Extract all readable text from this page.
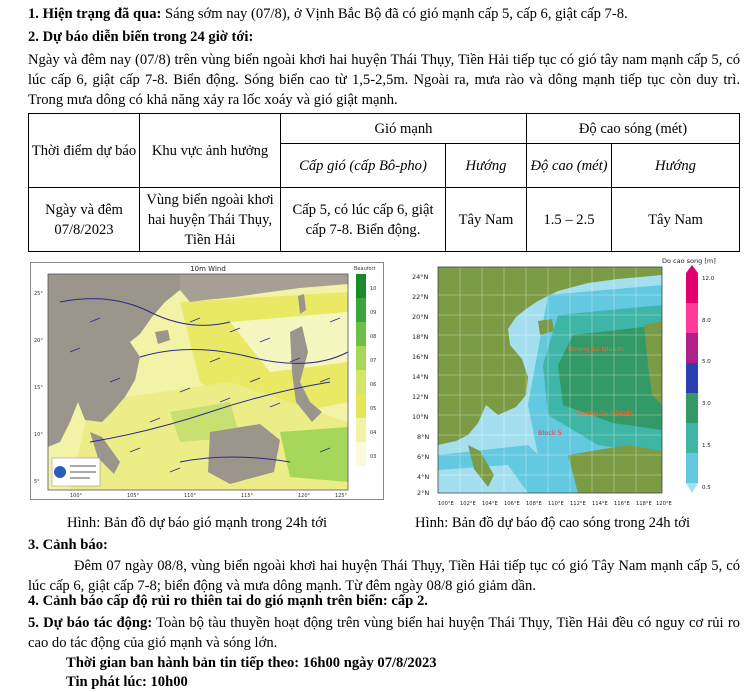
1. Hiện trạng đã qua: Sáng sớm nay (07/8), ở Vịnh Bắc Bộ đã có gió mạnh cấp 5, cấp 6, giật cấp 7-8.
2. Dự báo diễn biến trong 24 giờ tới:
Ngày và đêm nay (07/8) trên vùng biển ngoài khơi hai huyện Thái Thụy, Tiền Hải tiếp tục có gió tây nam mạnh cấp 5, có lúc cấp 6, giật cấp 7-8. Biển động. Sóng biển cao từ 1,5-2,5m. Ngoài ra, mưa rào và dông mạnh tiếp tục còn duy trì. Trong mưa dông có khả năng xảy ra lốc xoáy và gió giật mạnh.
Thời điểm dự báo	Khu vực ảnh hưởng	Gió mạnh		Độ cao sóng (mét)	
		Cấp gió (cấp Bô-pho)	Hướng	Độ cao (mét)	Hướng
Ngày và đêm 07/8/2023	Vùng biển ngoài khơi hai huyện Thái Thụy, Tiền Hải	Cấp 5, có lúc cấp 6, giật cấp 7-8. Biển động.	Tây Nam	1.5 – 2.5	Tây Nam
10m Wind
25°
20°
15°
10°
5°
100°	105°	110°	115°	120°	125°
Beaufort
10
09
08
07
06
05
04
03
Hoang Sa Islands
Truong Sa Islands
Block 5
24°N
22°N
20°N
18°N
16°N
14°N
12°N
10°N
8°N
6°N
4°N
2°N
100°E 102°E 104°E 106°E 108°E 110°E 112°E 114°E 116°E 118°E 120°E
Do cao song [m]
12.0
8.0
5.0
3.0
1.5
0.5
Hình: Bản đồ dự báo gió mạnh trong 24h tới	Hình: Bản đồ dự báo độ cao sóng trong 24h tới
3. Cảnh báo:
Đêm 07 ngày 08/8, vùng biển ngoài khơi hai huyện Thái Thụy, Tiền Hải tiếp tục có gió Tây Nam mạnh cấp 5, có lúc cấp 6, giật cấp 7-8; biển động và mưa dông mạnh. Từ đêm ngày 08/8 gió giảm dần.
4. Cảnh báo cấp độ rủi ro thiên tai do gió mạnh trên biển: cấp 2.
5. Dự báo tác động: Toàn bộ tàu thuyền hoạt động trên vùng biển hai huyện Thái Thụy, Tiền Hải đều có nguy cơ rủi ro cao do tác động của gió mạnh và sóng lớn.
Thời gian ban hành bản tin tiếp theo: 16h00 ngày 07/8/2023
Tin phát lúc: 10h00
